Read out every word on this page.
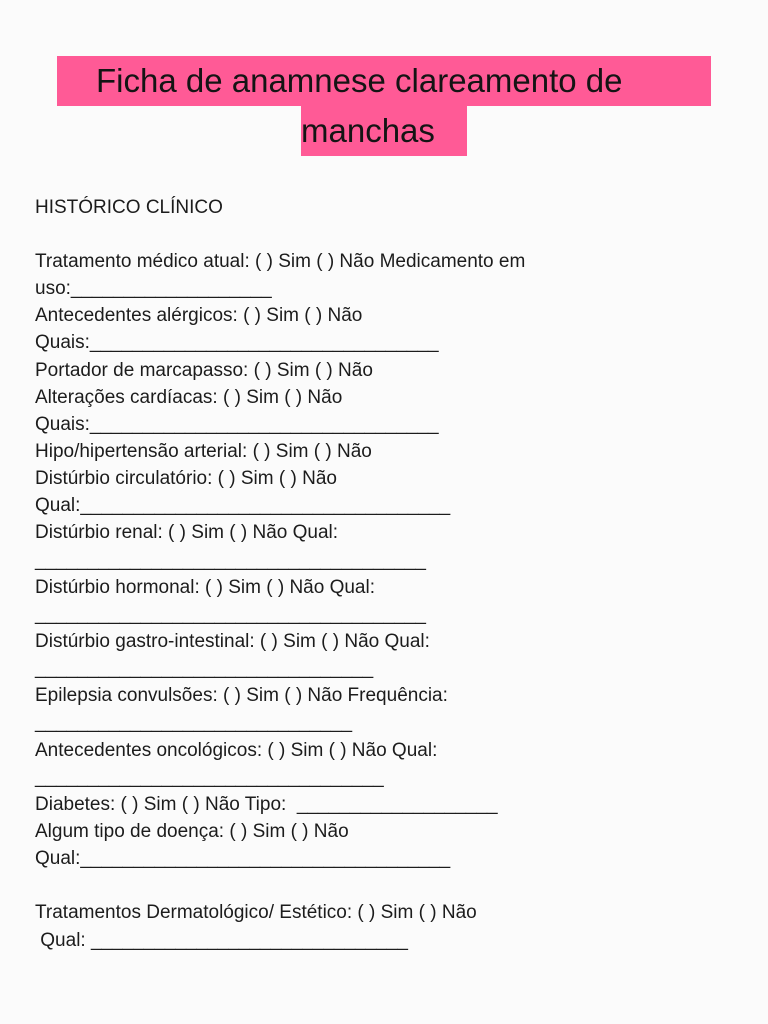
Ficha de anamnese clareamento de
manchas
HISTÓRICO CLÍNICO
Tratamento médico atual: ( ) Sim ( ) Não Medicamento em
uso:___________________
Antecedentes alérgicos: ( ) Sim ( ) Não
Quais:_________________________________
Portador de marcapasso: ( ) Sim ( ) Não
Alterações cardíacas: ( ) Sim ( ) Não
Quais:_________________________________
Hipo/hipertensão arterial: ( ) Sim ( ) Não
Distúrbio circulatório: ( ) Sim ( ) Não
Qual:___________________________________
Distúrbio renal: ( ) Sim ( ) Não Qual:
_____________________________________
Distúrbio hormonal: ( ) Sim ( ) Não Qual:
_____________________________________
Distúrbio gastro-intestinal: ( ) Sim ( ) Não Qual:
________________________________
Epilepsia convulsões: ( ) Sim ( ) Não Frequência:
______________________________
Antecedentes oncológicos: ( ) Sim ( ) Não Qual:
_________________________________
Diabetes: ( ) Sim ( ) Não Tipo:  ___________________
Algum tipo de doença: ( ) Sim ( ) Não
Qual:___________________________________
Tratamentos Dermatológico/ Estético: ( ) Sim ( ) Não
Qual: ______________________________
